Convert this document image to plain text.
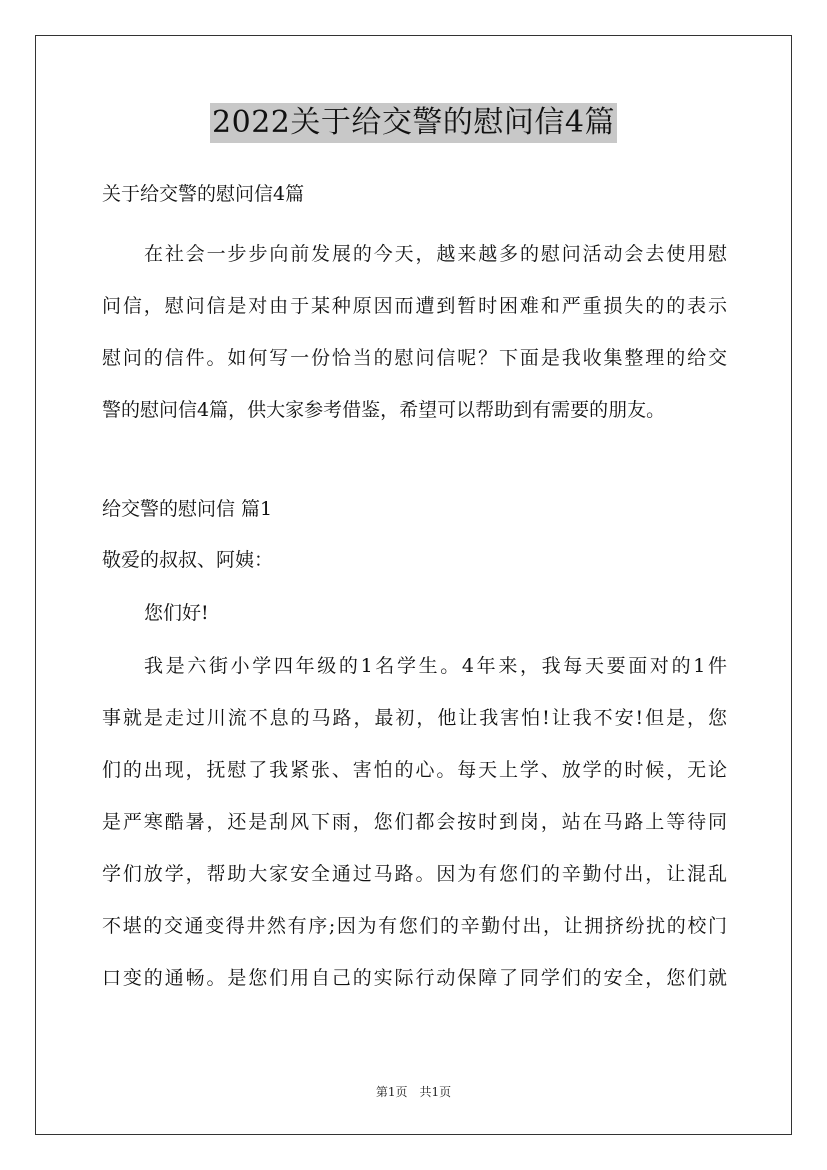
2022关于给交警的慰问信4篇
关于给交警的慰问信4篇
在社会一步步向前发展的今天，越来越多的慰问活动会去使用慰
问信，慰问信是对由于某种原因而遭到暂时困难和严重损失的的表示
慰问的信件。如何写一份恰当的慰问信呢？下面是我收集整理的给交
警的慰问信4篇，供大家参考借鉴，希望可以帮助到有需要的朋友。
给交警的慰问信 篇1
敬爱的叔叔、阿姨：
您们好!
我是六街小学四年级的1名学生。4年来，我每天要面对的1件
事就是走过川流不息的马路，最初，他让我害怕!让我不安!但是，您
们的出现，抚慰了我紧张、害怕的心。每天上学、放学的时候，无论
是严寒酷暑，还是刮风下雨，您们都会按时到岗，站在马路上等待同
学们放学，帮助大家安全通过马路。因为有您们的辛勤付出，让混乱
不堪的交通变得井然有序;因为有您们的辛勤付出，让拥挤纷扰的校门
口变的通畅。是您们用自己的实际行动保障了同学们的安全，您们就
第1页　共1页
